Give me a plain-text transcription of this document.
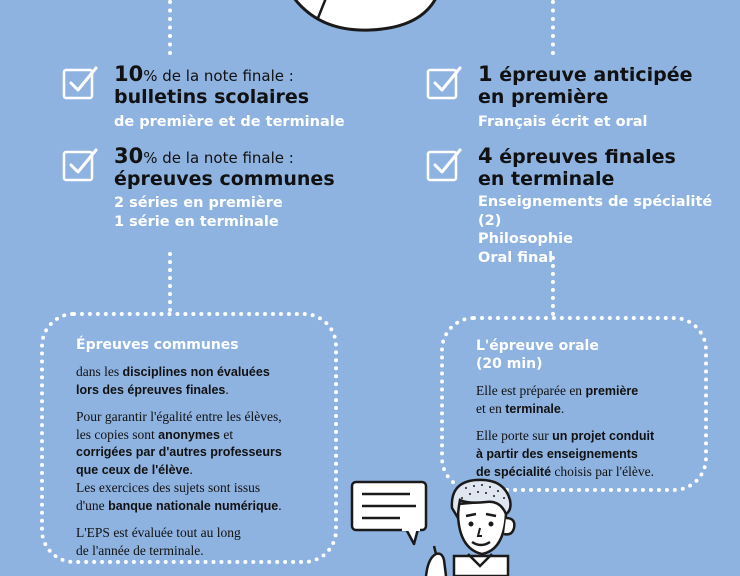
10% de la note finale :
bulletins scolaires
de première et de terminale
30% de la note finale :
épreuves communes
2 séries en première
1 série en terminale
1 épreuve anticipée
en première
Français écrit et oral
4 épreuves finales
en terminale
Enseignements de spécialité (2)
Philosophie
Oral final
Épreuves communes
dans les disciplines non évaluées
lors des épreuves finales.
Pour garantir l'égalité entre les élèves,
les copies sont anonymes et
corrigées par d'autres professeurs
que ceux de l'élève.
Les exercices des sujets sont issus
d'une banque nationale numérique.
L'EPS est évaluée tout au long
de l'année de terminale.
L'épreuve orale
(20 min)
Elle est préparée en première
et en terminale.
Elle porte sur un projet conduit
à partir des enseignements
de spécialité choisis par l'élève.
